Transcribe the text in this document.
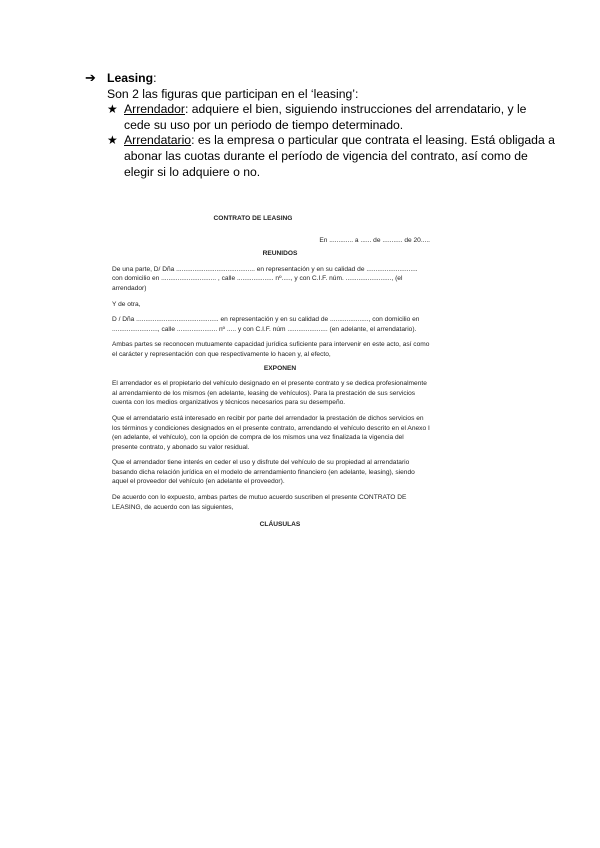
➔ Leasing:
Son 2 las figuras que participan en el ‘leasing’:
★ Arrendador: adquiere el bien, siguiendo instrucciones del arrendatario, y le cede su uso por un periodo de tiempo determinado.
★ Arrendatario: es la empresa o particular que contrata el leasing. Está obligada a abonar las cuotas durante el período de vigencia del contrato, así como de elegir si lo adquiere o no.
CONTRATO DE LEASING
En ............. a ...... de ........... de 20.....
REUNIDOS

De una parte, D/ Dña ........................................... en representación y en su calidad de ............................ con domicilio en .............................. , calle .................... nº....., y con C.I.F. núm. ........................., (el arrendador)

Y de otra,

D / Dña ............................................. en representación y en su calidad de ....................., con domicilio en ........................., calle ...................... nº ..... y con C.I.F. núm ...................... (en adelante, el arrendatario).

Ambas partes se reconocen mutuamente capacidad jurídica suficiente para intervenir en este acto, así como el carácter y representación con que respectivamente lo hacen y, al efecto,

EXPONEN

El arrendador es el propietario del vehículo designado en el presente contrato y se dedica profesionalmente al arrendamiento de los mismos (en adelante, leasing de vehículos). Para la prestación de sus servicios cuenta con los medios organizativos y técnicos necesarios para su desempeño.

Que el arrendatario está interesado en recibir por parte del arrendador la prestación de dichos servicios en los términos y condiciones designados en el presente contrato, arrendando el vehículo descrito en el Anexo I (en adelante, el vehículo), con la opción de compra de los mismos una vez finalizada la vigencia del presente contrato, y abonado su valor residual.

Que el arrendador tiene interés en ceder el uso y disfrute del vehículo de su propiedad al arrendatario basando dicha relación jurídica en el modelo de arrendamiento financiero (en adelante, leasing), siendo aquel el proveedor del vehículo (en adelante el proveedor).

De acuerdo con lo expuesto, ambas partes de mutuo acuerdo suscriben el presente CONTRATO DE LEASING, de acuerdo con las siguientes,

CLÁUSULAS
